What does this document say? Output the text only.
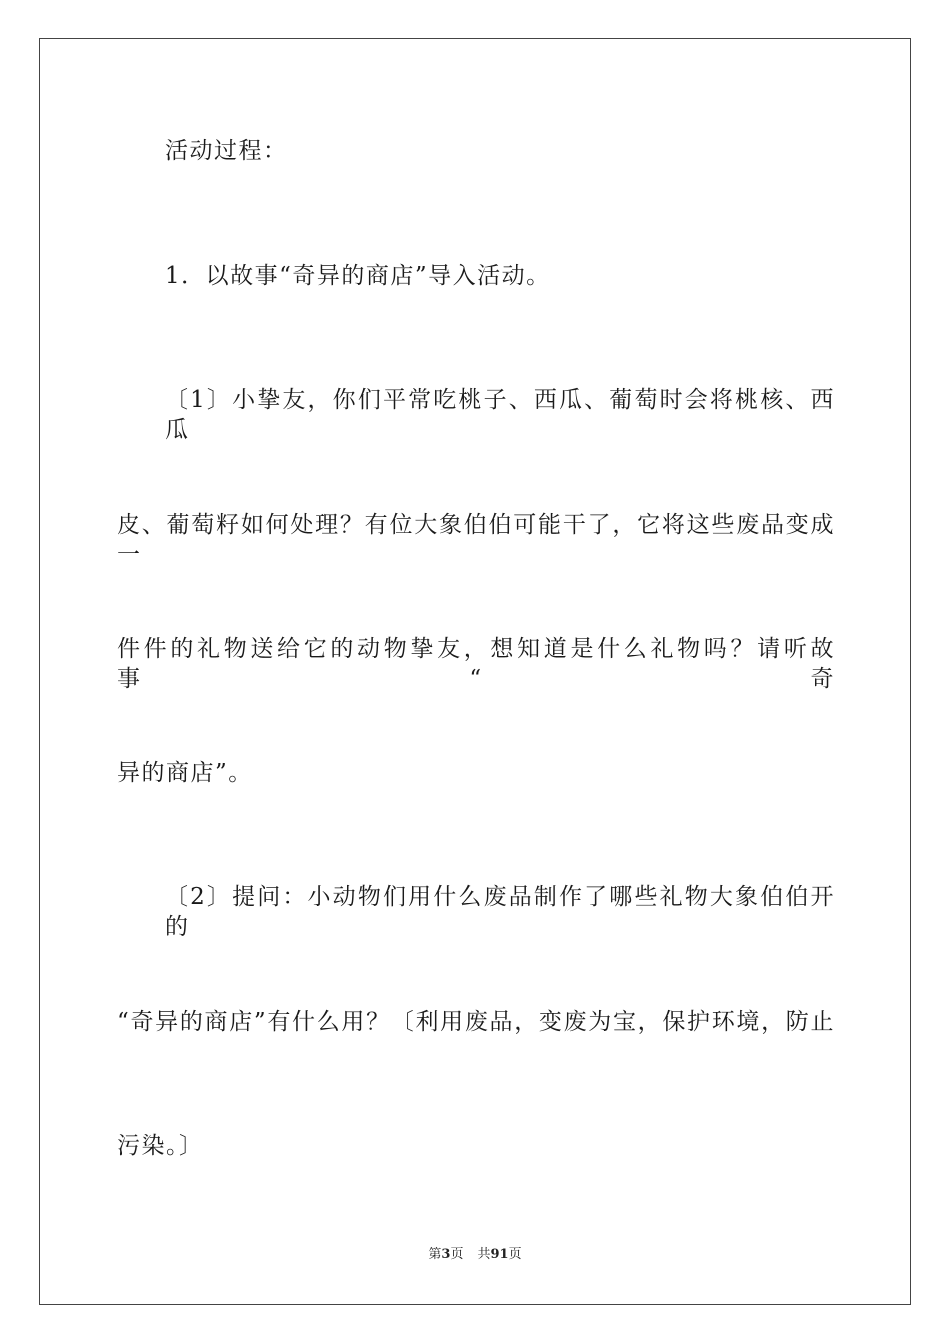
活动过程：
1．以故事“奇异的商店”导入活动。
〔1〕小挚友，你们平常吃桃子、西瓜、葡萄时会将桃核、西瓜
皮、葡萄籽如何处理？有位大象伯伯可能干了，它将这些废品变成一
件件的礼物送给它的动物挚友，想知道是什么礼物吗？请听故事“奇
异的商店”。
〔2〕提问：小动物们用什么废品制作了哪些礼物大象伯伯开的
“奇异的商店”有什么用？〔利用废品，变废为宝，保护环境，防止
污染。〕
第3页 共91页
